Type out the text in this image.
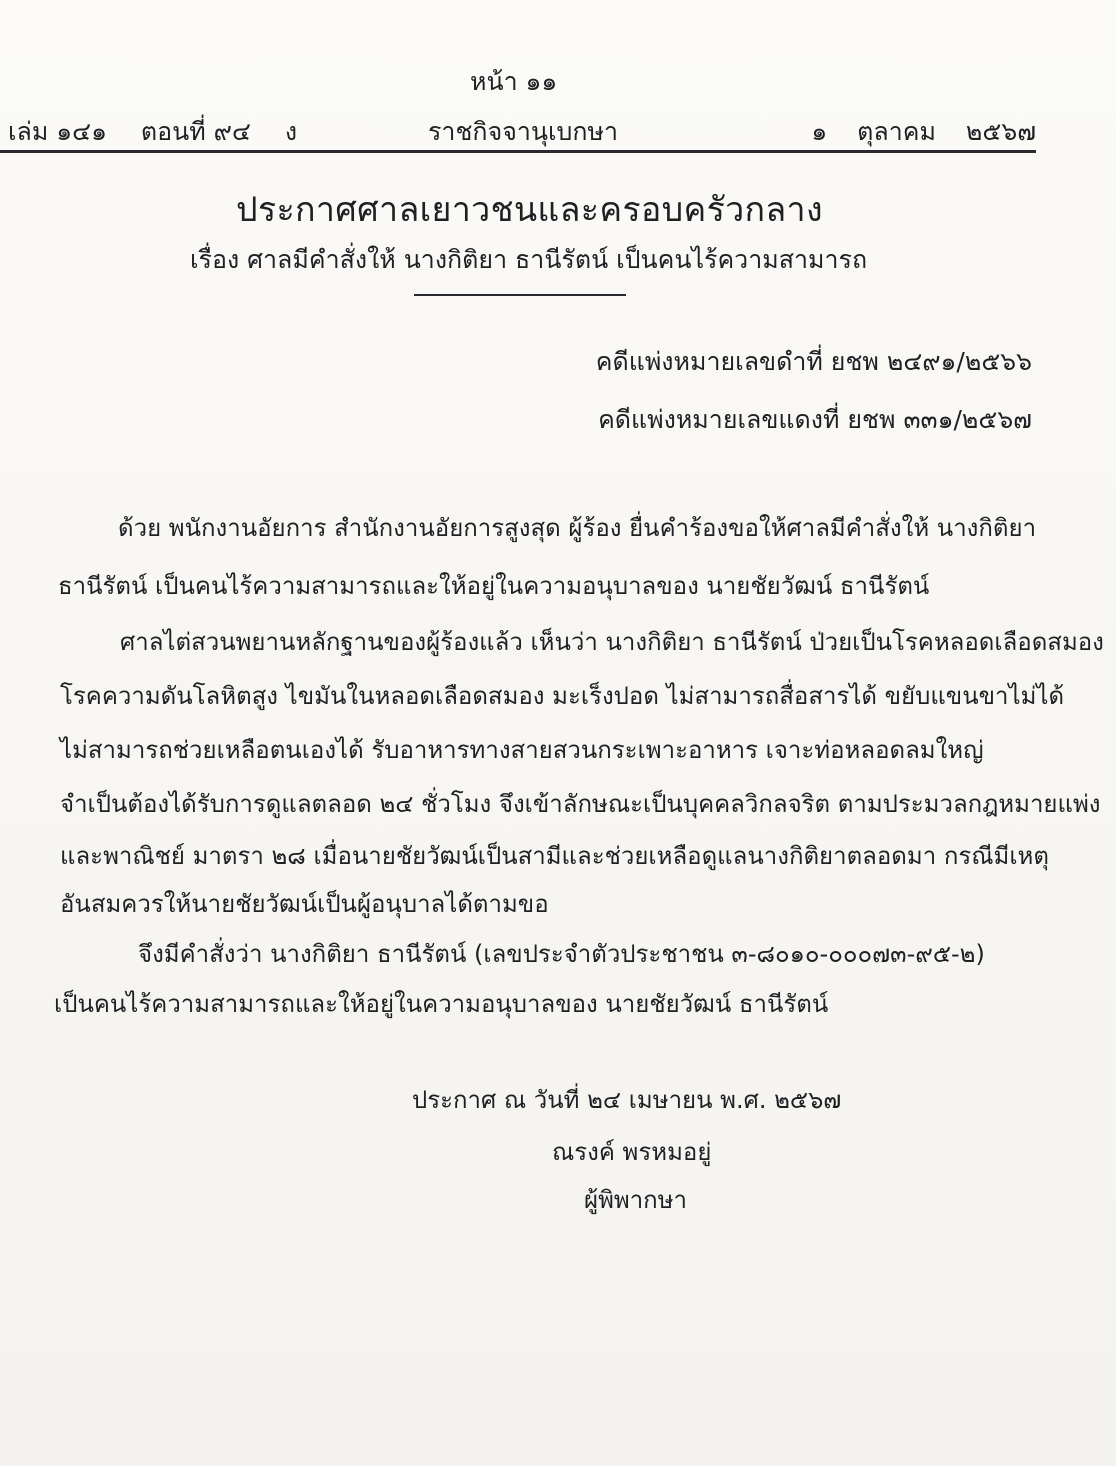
หน้า ๑๑
เล่ม ๑๔๑ ตอนที่ ๙๔ ง	ราชกิจจานุเบกษา	๑ ตุลาคม ๒๕๖๗
ประกาศศาลเยาวชนและครอบครัวกลาง
เรื่อง ศาลมีคำสั่งให้ นางกิติยา ธานีรัตน์ เป็นคนไร้ความสามารถ
คดีแพ่งหมายเลขดำที่ ยชพ ๒๔๙๑/๒๕๖๖
คดีแพ่งหมายเลขแดงที่ ยชพ ๓๓๑/๒๕๖๗
ด้วย พนักงานอัยการ สำนักงานอัยการสูงสุด ผู้ร้อง ยื่นคำร้องขอให้ศาลมีคำสั่งให้ นางกิติยา
ธานีรัตน์ เป็นคนไร้ความสามารถและให้อยู่ในความอนุบาลของ นายชัยวัฒน์ ธานีรัตน์
ศาลไต่สวนพยานหลักฐานของผู้ร้องแล้ว เห็นว่า นางกิติยา ธานีรัตน์ ป่วยเป็นโรคหลอดเลือดสมอง
โรคความดันโลหิตสูง ไขมันในหลอดเลือดสมอง มะเร็งปอด ไม่สามารถสื่อสารได้ ขยับแขนขาไม่ได้
ไม่สามารถช่วยเหลือตนเองได้ รับอาหารทางสายสวนกระเพาะอาหาร เจาะท่อหลอดลมใหญ่
จำเป็นต้องได้รับการดูแลตลอด ๒๔ ชั่วโมง จึงเข้าลักษณะเป็นบุคคลวิกลจริต ตามประมวลกฎหมายแพ่ง
และพาณิชย์ มาตรา ๒๘ เมื่อนายชัยวัฒน์เป็นสามีและช่วยเหลือดูแลนางกิติยาตลอดมา กรณีมีเหตุ
อันสมควรให้นายชัยวัฒน์เป็นผู้อนุบาลได้ตามขอ
จึงมีคำสั่งว่า นางกิติยา ธานีรัตน์ (เลขประจำตัวประชาชน ๓-๘๐๑๐-๐๐๐๗๓-๙๕-๒)
เป็นคนไร้ความสามารถและให้อยู่ในความอนุบาลของ นายชัยวัฒน์ ธานีรัตน์
ประกาศ ณ วันที่ ๒๔ เมษายน พ.ศ. ๒๕๖๗
ณรงค์ พรหมอยู่
ผู้พิพากษา
